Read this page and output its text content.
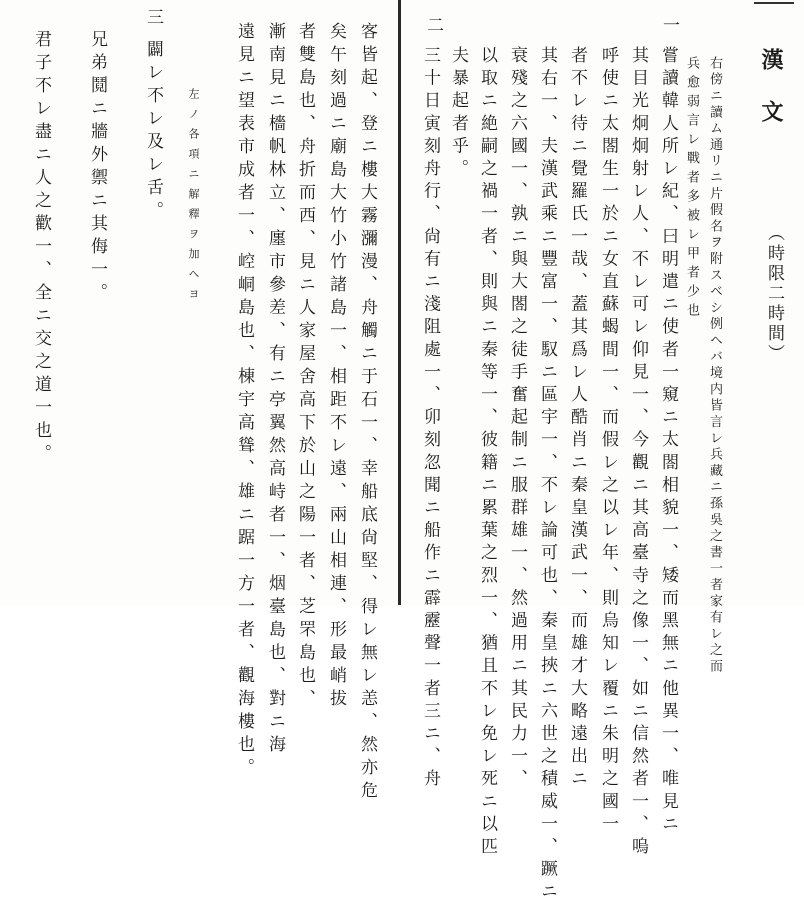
漢文
（時限二時間）
右傍ニ讀ム通リニ片假名ヲ附スベシ例ヘバ境内皆言レ兵藏ニ孫吳之書一者家有レ之而
兵愈弱言レ戰者多被レ甲者少也
一
嘗讀韓人所レ紀、曰明遣ニ使者一窺ニ太閤相貌一、矮而黑無ニ他異一、唯見ニ
其目光炯炯射レ人、不レ可レ仰見一、今觀ニ其高臺寺之像一、如ニ信然者一、嗚
呼使ニ太閤生一於ニ女直蘇蝎間一、而假レ之以レ年、則烏知レ覆ニ朱明之國一
者不レ待ニ覺羅氏一哉、蓋其爲レ人酷肖ニ秦皇漢武一、而雄才大略遠出ニ
其右一、夫漢武乘ニ豐富一、馭ニ區宇一、不レ論可也、秦皇挾ニ六世之積威一、蹶ニ
衰殘之六國一、孰ニ與大閤之徒手奮起制ニ服群雄一、然過用ニ其民力一、
以取ニ絶嗣之禍一者、則與ニ秦等一、彼籍ニ累葉之烈一、猶且不レ免レ死ニ以匹
夫暴起者乎。
二
三十日寅刻舟行、尙有ニ淺阻處一、卯刻忽聞ニ船作ニ霹靂聲一者三ニ、舟
客皆起、登ニ樓大霧瀰漫、舟觸ニ于石一、幸船底尙堅、得レ無レ恙、然亦危
矣午刻過ニ廟島大竹小竹諸島一、相距不レ遠、兩山相連、形最峭拔
者雙島也、舟折而西、見ニ人家屋舍高下於山之陽一者、芝罘島也、
漸南見ニ檣帆林立、廛市參差、有ニ亭翼然高峙者一、烟臺島也、對ニ海
遠見ニ望表市成者一、崆峒島也、棟宇高聳、雄ニ踞一方一者、觀海樓也。
左ノ各項ニ解釋ヲ加ヘヨ
三
闢レ不レ及レ舌。
兄弟鬩ニ牆外禦ニ其侮一。
君子不レ盡ニ人之歡一、全ニ交之道一也。
